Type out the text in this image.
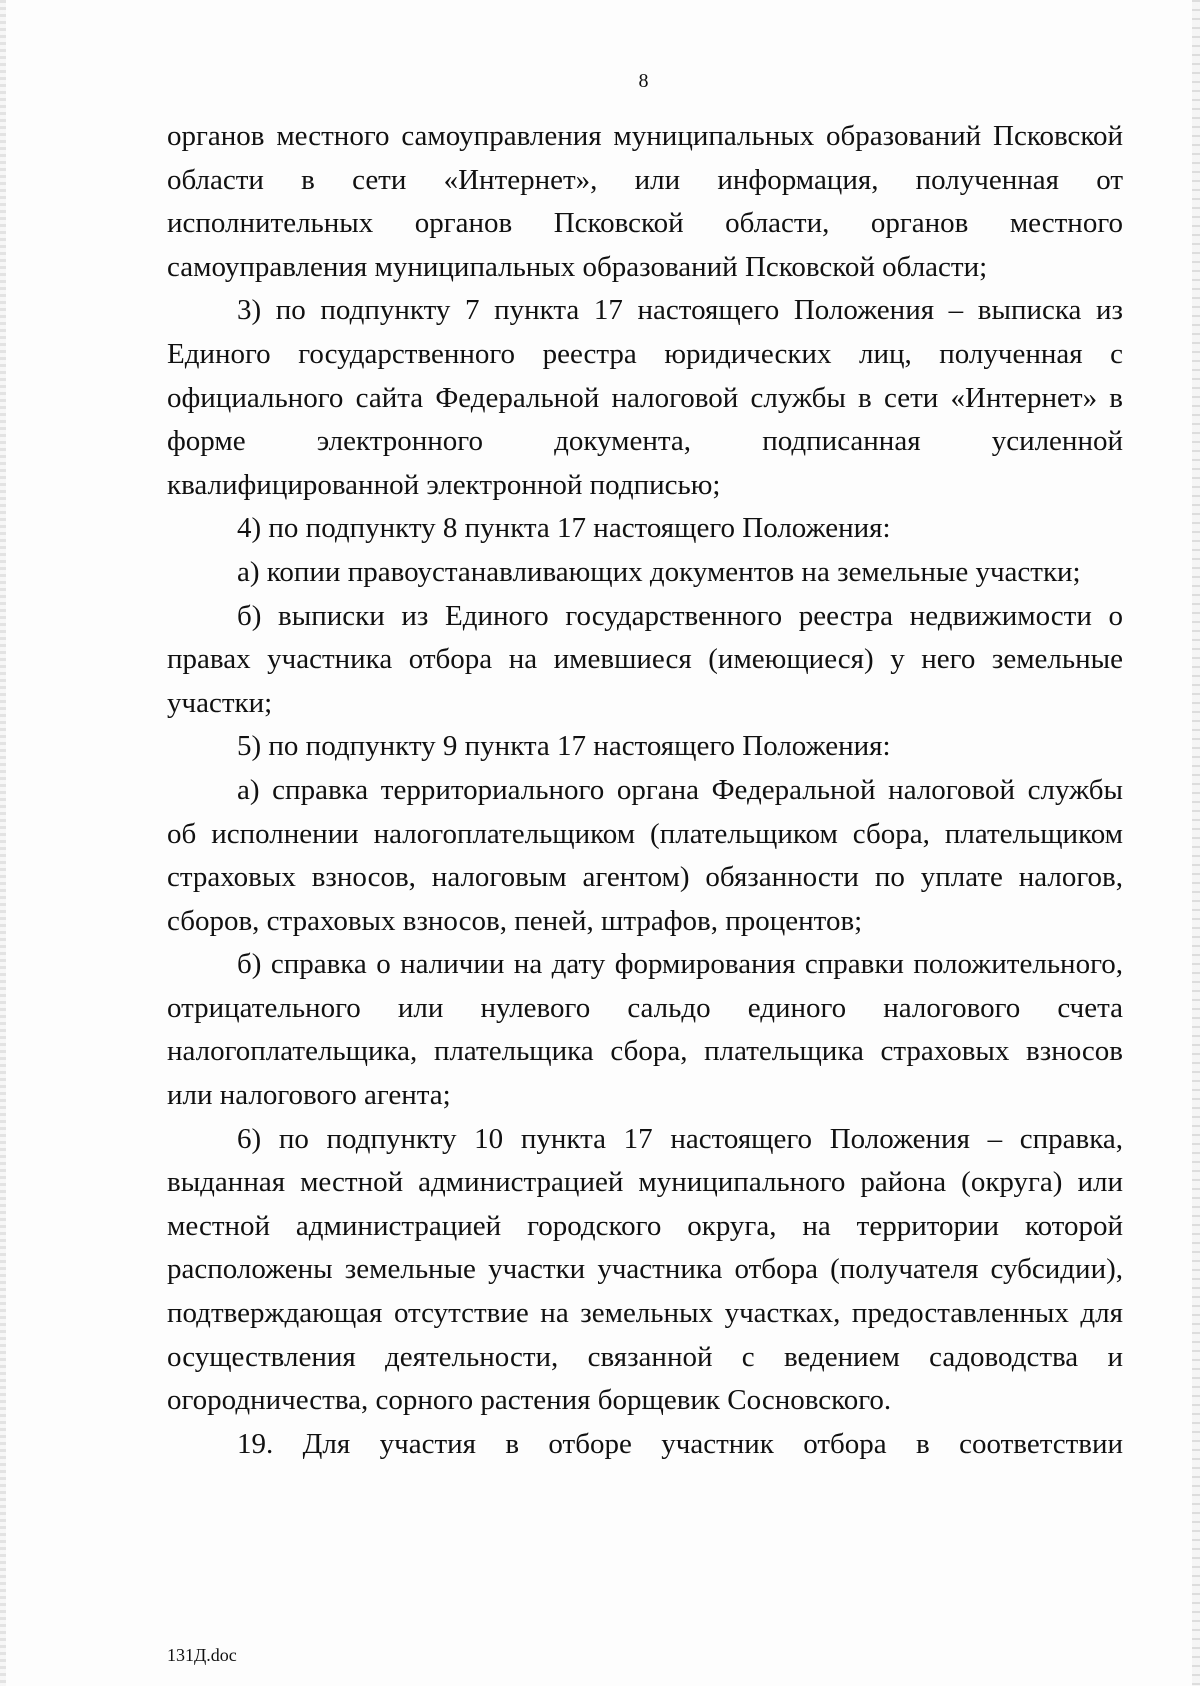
8

органов местного самоуправления муниципальных образований Псковской области в сети «Интернет», или информация, полученная от исполнительных органов Псковской области, органов местного самоуправления муниципальных образований Псковской области;

3) по подпункту 7 пункта 17 настоящего Положения – выписка из Единого государственного реестра юридических лиц, полученная с официального сайта Федеральной налоговой службы в сети «Интернет» в форме электронного документа, подписанная усиленной квалифицированной электронной подписью;

4) по подпункту 8 пункта 17 настоящего Положения:

а) копии правоустанавливающих документов на земельные участки;

б) выписки из Единого государственного реестра недвижимости о правах участника отбора на имевшиеся (имеющиеся) у него земельные участки;

5) по подпункту 9 пункта 17 настоящего Положения:

а) справка территориального органа Федеральной налоговой службы об исполнении налогоплательщиком (плательщиком сбора, плательщиком страховых взносов, налоговым агентом) обязанности по уплате налогов, сборов, страховых взносов, пеней, штрафов, процентов;

б) справка о наличии на дату формирования справки положительного, отрицательного или нулевого сальдо единого налогового счета налогоплательщика, плательщика сбора, плательщика страховых взносов или налогового агента;

6) по подпункту 10 пункта 17 настоящего Положения – справка, выданная местной администрацией муниципального района (округа) или местной администрацией городского округа, на территории которой расположены земельные участки участника отбора (получателя субсидии), подтверждающая отсутствие на земельных участках, предоставленных для осуществления деятельности, связанной с ведением садоводства и огородничества, сорного растения борщевик Сосновского.

19. Для участия в отборе участник отбора в соответствии

131Д.doc
